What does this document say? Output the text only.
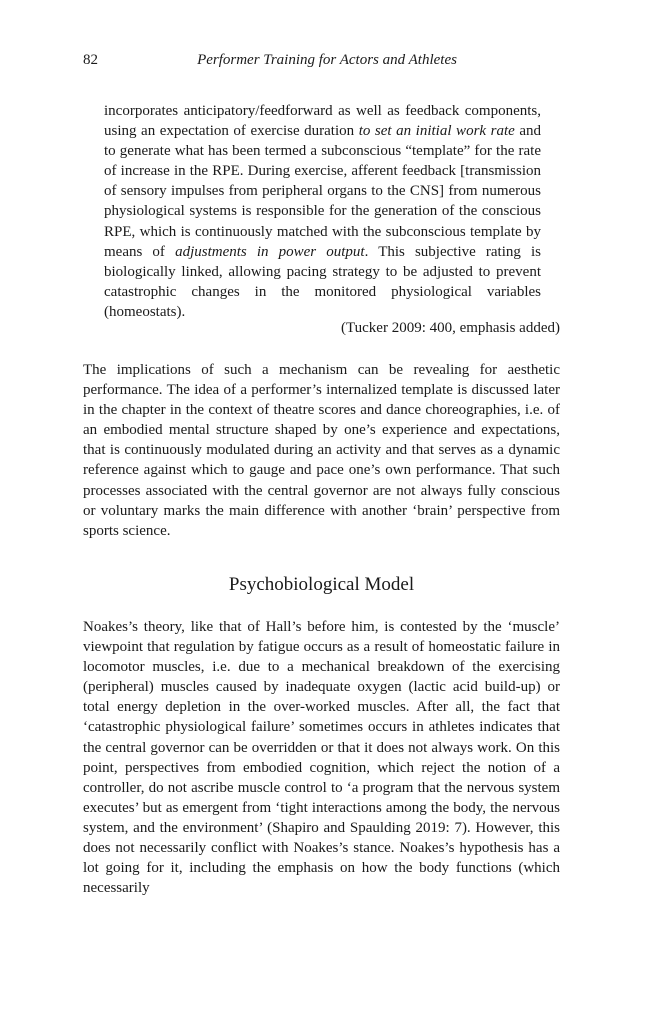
82	Performer Training for Actors and Athletes

incorporates anticipatory/feedforward as well as feedback components, using an expectation of exercise duration to set an initial work rate and to generate what has been termed a subconscious “template” for the rate of increase in the RPE. During exercise, afferent feedback [transmission of sensory impulses from peripheral organs to the CNS] from numerous physiological systems is responsible for the generation of the conscious RPE, which is continuously matched with the subconscious template by means of adjustments in power output. This subjective rating is biologically linked, allowing pacing strategy to be adjusted to prevent catastrophic changes in the monitored physiological variables (homeostats).

(Tucker 2009: 400, emphasis added)

The implications of such a mechanism can be revealing for aesthetic performance. The idea of a performer’s internalized template is discussed later in the chapter in the context of theatre scores and dance choreographies, i.e. of an embodied mental structure shaped by one’s experience and expectations, that is continuously modulated during an activity and that serves as a dynamic reference against which to gauge and pace one’s own performance. That such processes associated with the central governor are not always fully conscious or voluntary marks the main difference with another ‘brain’ perspective from sports science.

Psychobiological Model

Noakes’s theory, like that of Hall’s before him, is contested by the ‘muscle’ viewpoint that regulation by fatigue occurs as a result of homeostatic failure in locomotor muscles, i.e. due to a mechanical breakdown of the exercising (peripheral) muscles caused by inadequate oxygen (lactic acid build-up) or total energy depletion in the over-worked muscles. After all, the fact that ‘catastrophic physiological failure’ sometimes occurs in athletes indicates that the central governor can be overridden or that it does not always work. On this point, perspectives from embodied cognition, which reject the notion of a controller, do not ascribe muscle control to ‘a program that the nervous system executes’ but as emergent from ‘tight interactions among the body, the nervous system, and the environment’ (Shapiro and Spaulding 2019: 7). However, this does not necessarily conflict with Noakes’s stance. Noakes’s hypothesis has a lot going for it, including the emphasis on how the body functions (which necessarily
